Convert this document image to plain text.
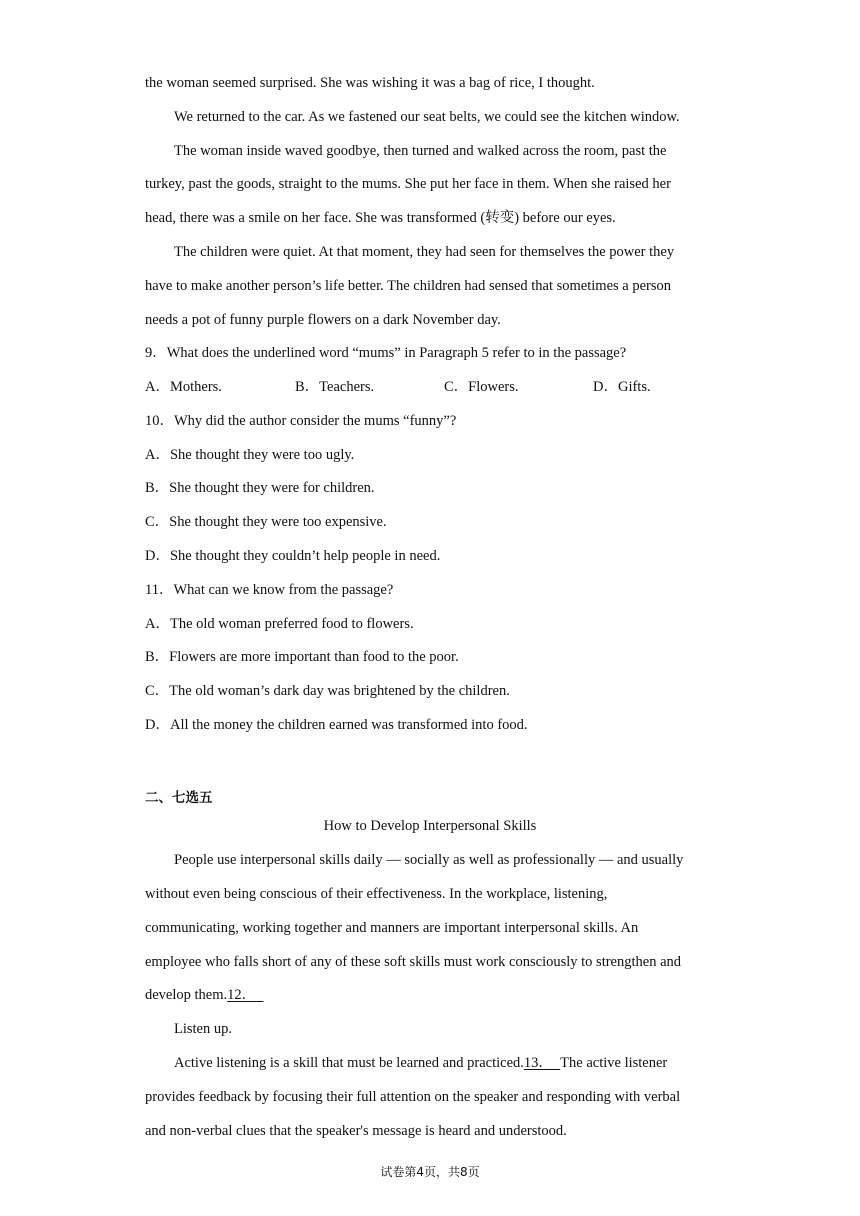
the woman seemed surprised. She was wishing it was a bag of rice, I thought.
We returned to the car. As we fastened our seat belts, we could see the kitchen window.
The woman inside waved goodbye, then turned and walked across the room, past the
turkey, past the goods, straight to the mums. She put her face in them. When she raised her
head, there was a smile on her face. She was transformed (转变) before our eyes.
The children were quiet. At that moment, they had seen for themselves the power they
have to make another person’s life better. The children had sensed that sometimes a person
needs a pot of funny purple flowers on a dark November day.
9．What does the underlined word “mums” in Paragraph 5 refer to in the passage?
A．Mothers.	B．Teachers.	C．Flowers.	D．Gifts.
10．Why did the author consider the mums “funny”?
A．She thought they were too ugly.
B．She thought they were for children.
C．She thought they were too expensive.
D．She thought they couldn’t help people in need.
11．What can we know from the passage?
A．The old woman preferred food to flowers.
B．Flowers are more important than food to the poor.
C．The old woman’s dark day was brightened by the children.
D．All the money the children earned was transformed into food.
二、七选五
How to Develop Interpersonal Skills
People use interpersonal skills daily — socially as well as professionally — and usually
without even being conscious of their effectiveness. In the workplace, listening,
communicating, working together and manners are important interpersonal skills. An
employee who falls short of any of these soft skills must work consciously to strengthen and
develop them.12．
Listen up.
Active listening is a skill that must be learned and practiced.13． The active listener
provides feedback by focusing their full attention on the speaker and responding with verbal
and non-verbal clues that the speaker's message is heard and understood.
试卷第4页，共8页
